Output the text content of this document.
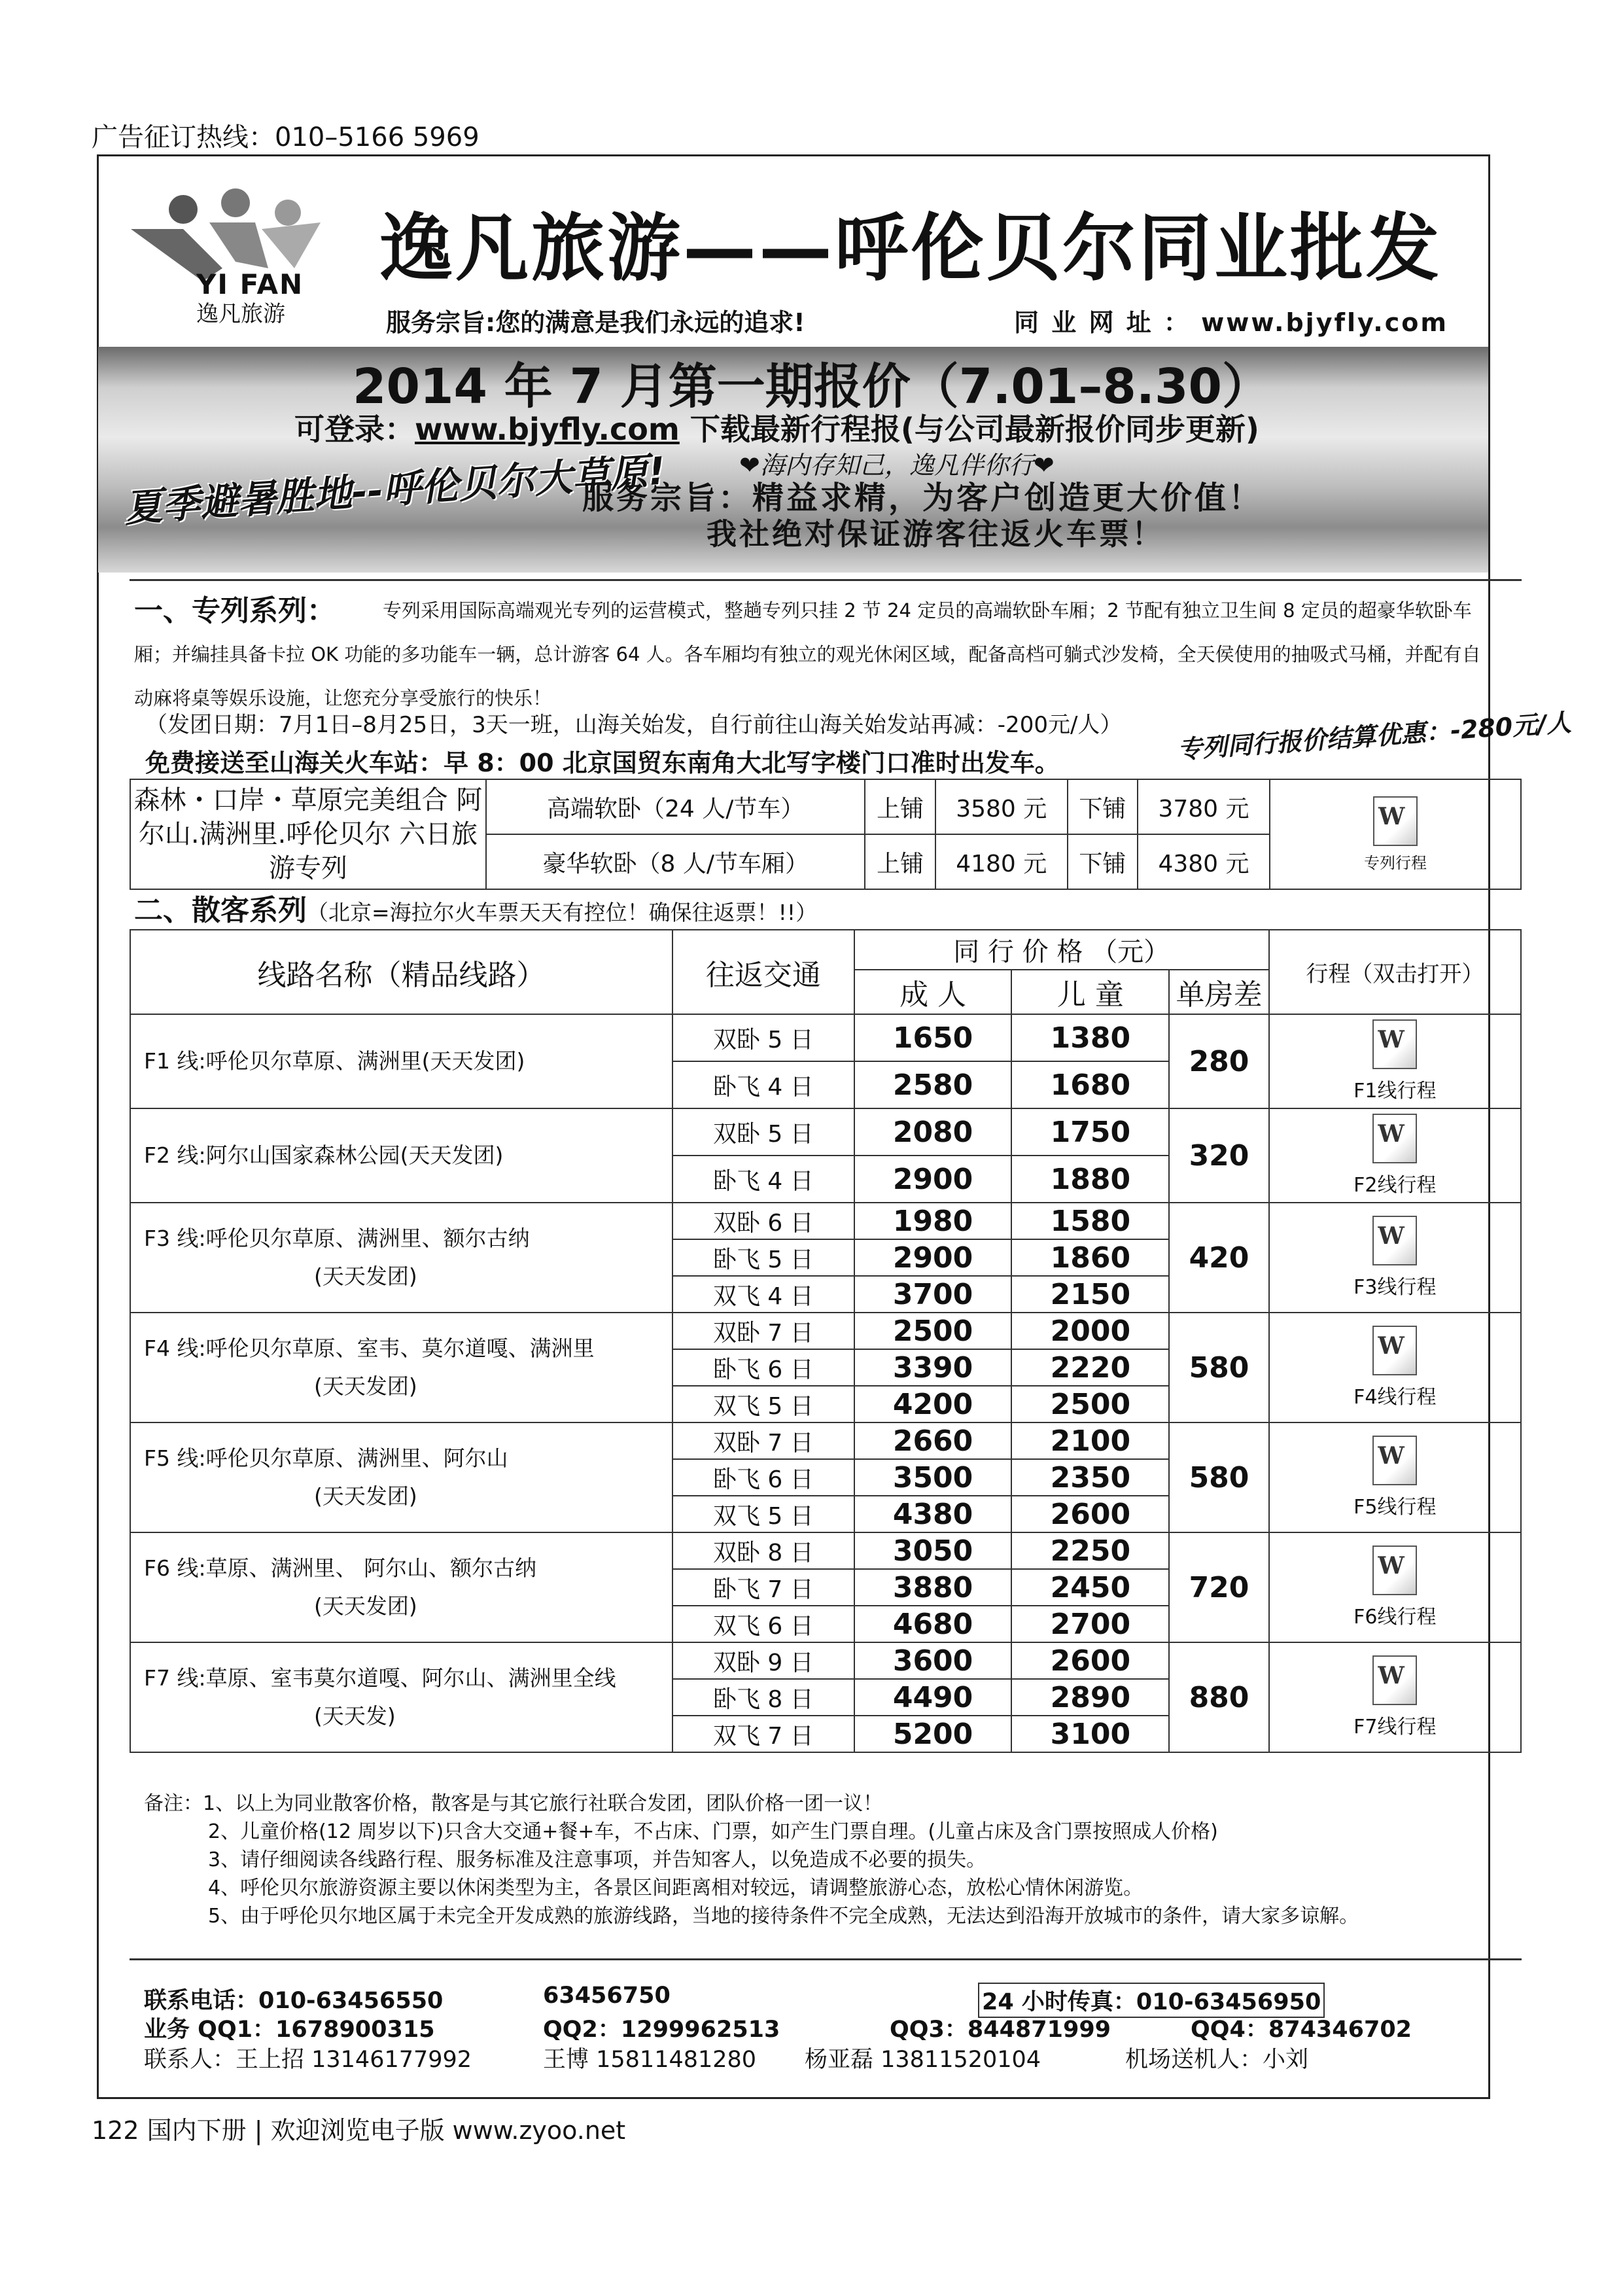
广告征订热线：010–5166 5969
YI FAN
逸凡旅游
逸凡旅游——呼伦贝尔同业批发
服务宗旨:您的满意是我们永远的追求!	同 业 网 址 ： www.bjyfly.com
2014 年 7 月第一期报价（7.01–8.30）
可登录：www.bjyfly.com 下载最新行程报(与公司最新报价同步更新)
❤海内存知己，逸凡伴你行❤
夏季避暑胜地--呼伦贝尔大草原!
服务宗旨：精益求精，为客户创造更大价值！
我社绝对保证游客往返火车票！
一、专列系列： 专列采用国际高端观光专列的运营模式，整趟专列只挂 2 节 24 定员的高端软卧车厢；2 节配有独立卫生间 8 定员的超豪华软卧车厢；并编挂具备卡拉 OK 功能的多功能车一辆，总计游客 64 人。各车厢均有独立的观光休闲区域，配备高档可躺式沙发椅，全天侯使用的抽吸式马桶，并配有自动麻将桌等娱乐设施，让您充分享受旅行的快乐！
（发团日期：7月1日–8月25日，3天一班，山海关始发，自行前往山海关始发站再减：-200元/人）
免费接送至山海关火车站：早 8：00 北京国贸东南角大北写字楼门口准时出发车。	专列同行报价结算优惠：-280元/人
森林・口岸・草原完美组合 阿尔山.满洲里.呼伦贝尔 六日旅游专列	高端软卧（24 人/节车）	上铺	3580 元	下铺	3780 元	W
专列行程
	豪华软卧（8 人/节车厢）	上铺	4180 元	下铺	4380 元	
二、散客系列（北京=海拉尔火车票天天有控位！确保往返票！!!）
线路名称（精品线路）	往返交通	同 行 价 格 （元）			行程（双击打开）
		成 人	儿 童	单房差	

F1 线:呼伦贝尔草原、满洲里(天天发团)	双卧 5 日	1650	1380	280	W
F1线行程
	卧飞 4 日	2580	1680		

F2 线:阿尔山国家森林公园(天天发团)	双卧 5 日	2080	1750	320	W
F2线行程
	卧飞 4 日	2900	1880		

F3 线:呼伦贝尔草原、满洲里、额尔古纳
(天天发团)	双卧 6 日	1980	1580	420	W
F3线行程
	卧飞 5 日	2900	1860		
	双飞 4 日	3700	2150		

F4 线:呼伦贝尔草原、室韦、莫尔道嘎、满洲里
(天天发团)	双卧 7 日	2500	2000	580	W
F4线行程
	卧飞 6 日	3390	2220		
	双飞 5 日	4200	2500		

F5 线:呼伦贝尔草原、满洲里、阿尔山
(天天发团)	双卧 7 日	2660	2100	580	W
F5线行程
	卧飞 6 日	3500	2350		
	双飞 5 日	4380	2600		

F6 线:草原、满洲里、 阿尔山、额尔古纳
(天天发团)	双卧 8 日	3050	2250	720	W
F6线行程
	卧飞 7 日	3880	2450		
	双飞 6 日	4680	2700		

F7 线:草原、室韦莫尔道嘎、阿尔山、满洲里全线
(天天发)	双卧 9 日	3600	2600	880	W
F7线行程
	卧飞 8 日	4490	2890		
	双飞 7 日	5200	3100		
备注：1、以上为同业散客价格，散客是与其它旅行社联合发团，团队价格一团一议！
2、儿童价格(12 周岁以下)只含大交通+餐+车，不占床、门票，如产生门票自理。(儿童占床及含门票按照成人价格)
3、请仔细阅读各线路行程、服务标准及注意事项，并告知客人，以免造成不必要的损失。
4、呼伦贝尔旅游资源主要以休闲类型为主，各景区间距离相对较远，请调整旅游心态，放松心情休闲游览。
5、由于呼伦贝尔地区属于未完全开发成熟的旅游线路，当地的接待条件不完全成熟，无法达到沿海开放城市的条件，请大家多谅解。
联系电话：010-63456550	63456750	24 小时传真：010-63456950
业务 QQ1：1678900315	QQ2：1299962513	QQ3：844871999	QQ4：874346702
联系人：王上招 13146177992	王博 15811481280 杨亚磊 13811520104	机场送机人：小刘
122 国内下册 | 欢迎浏览电子版 www.zyoo.net
